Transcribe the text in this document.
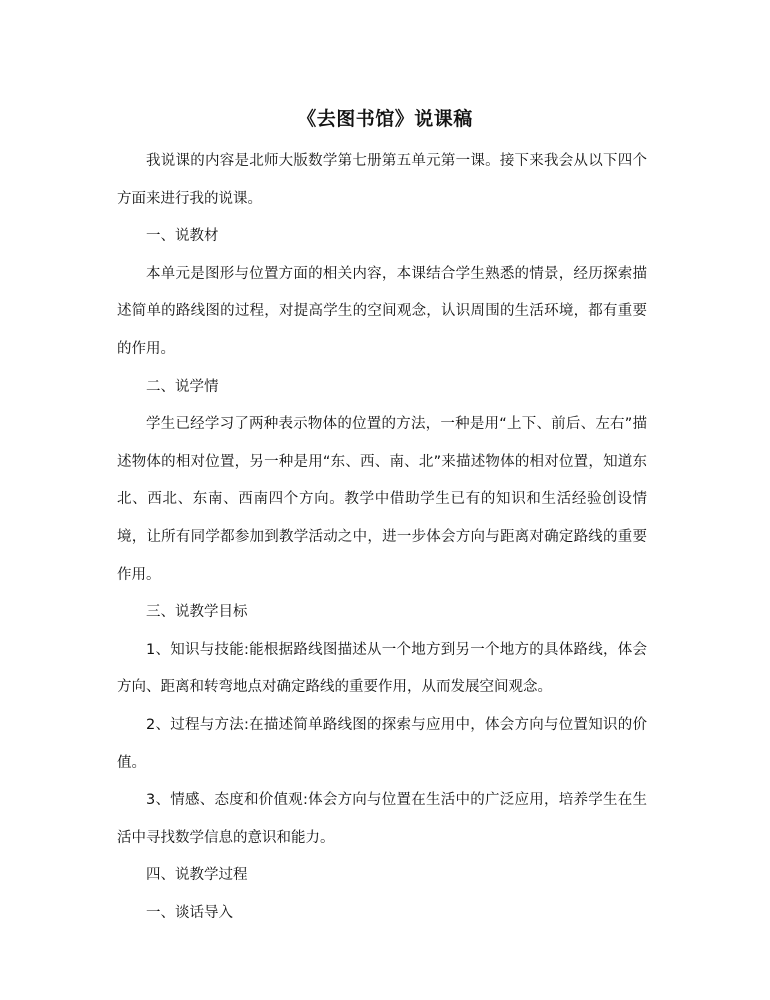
《去图书馆》说课稿

我说课的内容是北师大版数学第七册第五单元第一课。接下来我会从以下四个方面来进行我的说课。

一、说教材

本单元是图形与位置方面的相关内容，本课结合学生熟悉的情景，经历探索描述简单的路线图的过程，对提高学生的空间观念，认识周围的生活环境，都有重要的作用。

二、说学情

学生已经学习了两种表示物体的位置的方法，一种是用“上下、前后、左右”描述物体的相对位置，另一种是用“东、西、南、北”来描述物体的相对位置，知道东北、西北、东南、西南四个方向。教学中借助学生已有的知识和生活经验创设情境，让所有同学都参加到教学活动之中，进一步体会方向与距离对确定路线的重要作用。

三、说教学目标

1、知识与技能:能根据路线图描述从一个地方到另一个地方的具体路线，体会方向、距离和转弯地点对确定路线的重要作用，从而发展空间观念。

2、过程与方法:在描述简单路线图的探索与应用中，体会方向与位置知识的价值。

3、情感、态度和价值观:体会方向与位置在生活中的广泛应用，培养学生在生活中寻找数学信息的意识和能力。

四、说教学过程

一、谈话导入
